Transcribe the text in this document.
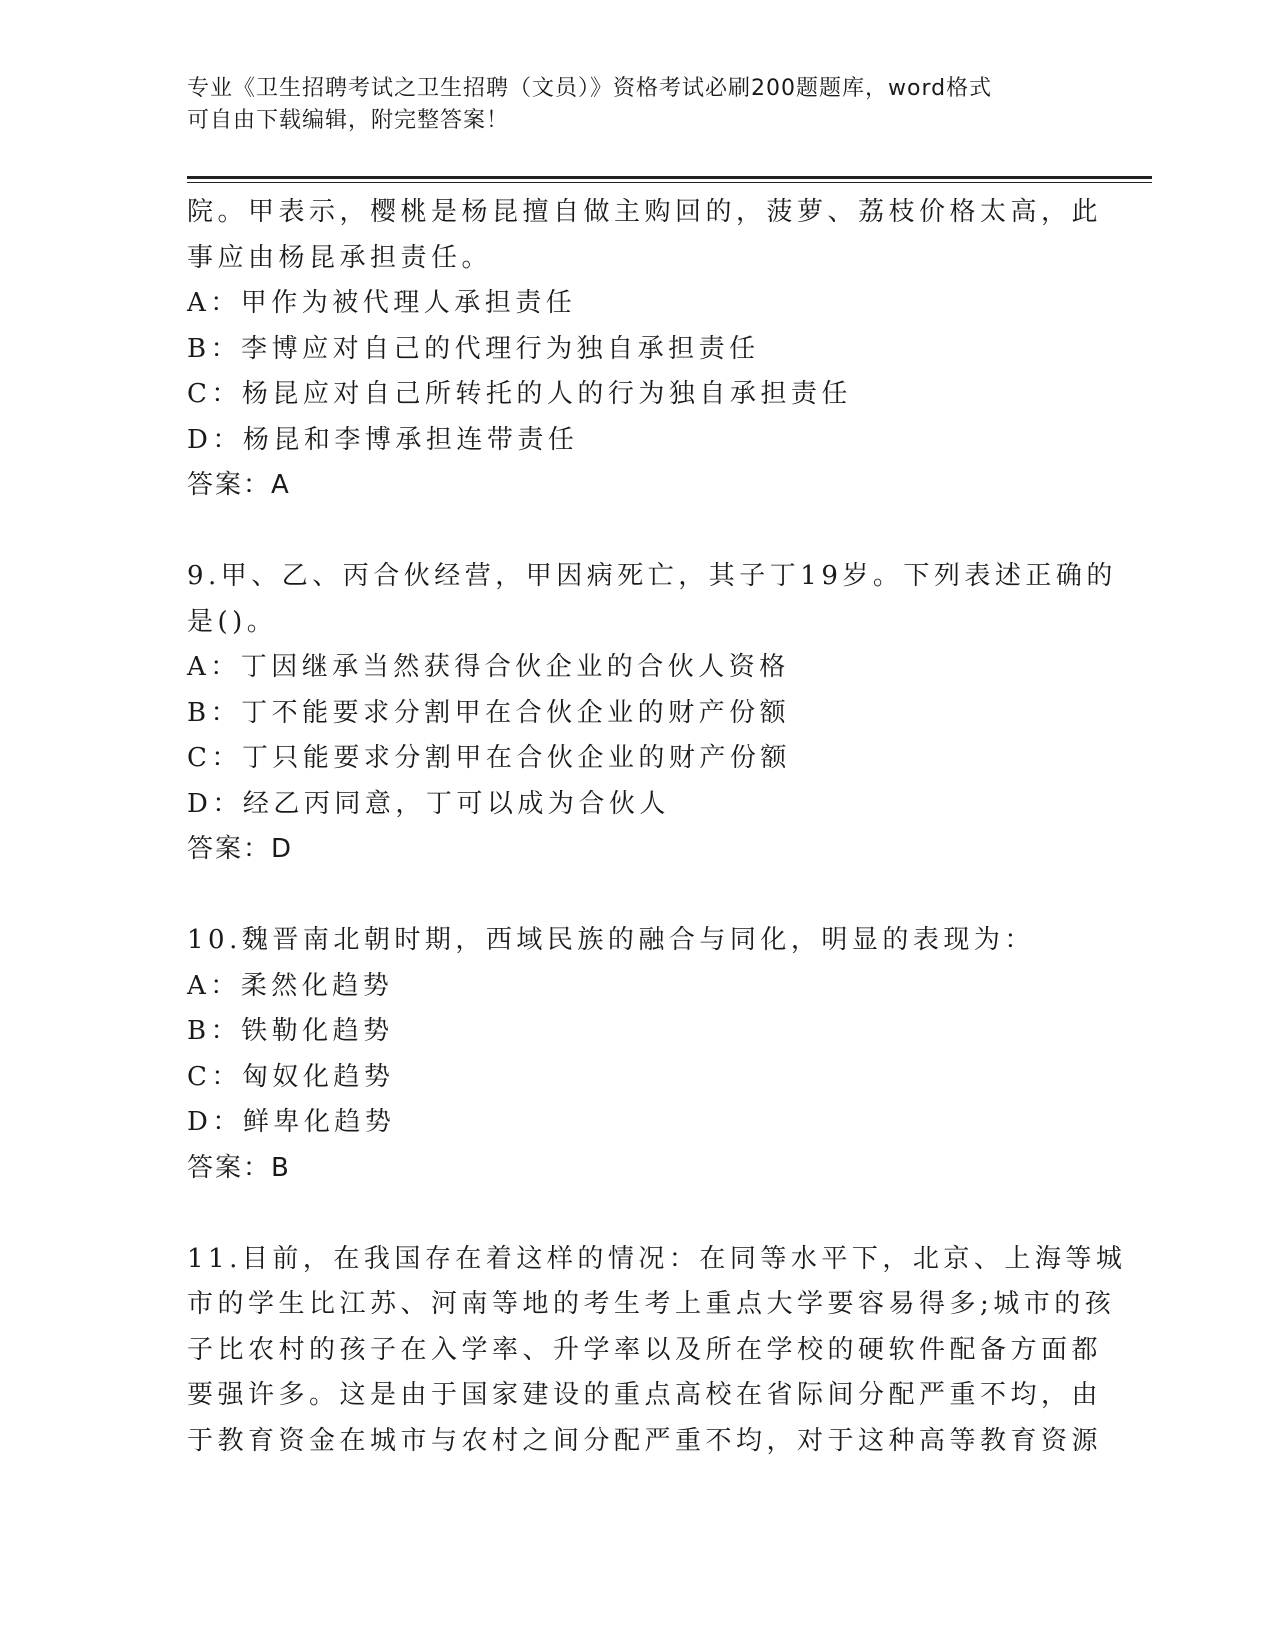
专业《卫生招聘考试之卫生招聘（文员）》资格考试必刷200题题库，word格式
可自由下载编辑，附完整答案！
院。甲表示，樱桃是杨昆擅自做主购回的，菠萝、荔枝价格太高，此
事应由杨昆承担责任。
A：甲作为被代理人承担责任
B：李博应对自己的代理行为独自承担责任
C：杨昆应对自己所转托的人的行为独自承担责任
D：杨昆和李博承担连带责任
答案：A
9.甲、乙、丙合伙经营，甲因病死亡，其子丁19岁。下列表述正确的
是()。
A：丁因继承当然获得合伙企业的合伙人资格
B：丁不能要求分割甲在合伙企业的财产份额
C：丁只能要求分割甲在合伙企业的财产份额
D：经乙丙同意，丁可以成为合伙人
答案：D
10.魏晋南北朝时期，西域民族的融合与同化，明显的表现为：
A：柔然化趋势
B：铁勒化趋势
C：匈奴化趋势
D：鲜卑化趋势
答案：B
11.目前，在我国存在着这样的情况：在同等水平下，北京、上海等城
市的学生比江苏、河南等地的考生考上重点大学要容易得多;城市的孩
子比农村的孩子在入学率、升学率以及所在学校的硬软件配备方面都
要强许多。这是由于国家建设的重点高校在省际间分配严重不均，由
于教育资金在城市与农村之间分配严重不均，对于这种高等教育资源
